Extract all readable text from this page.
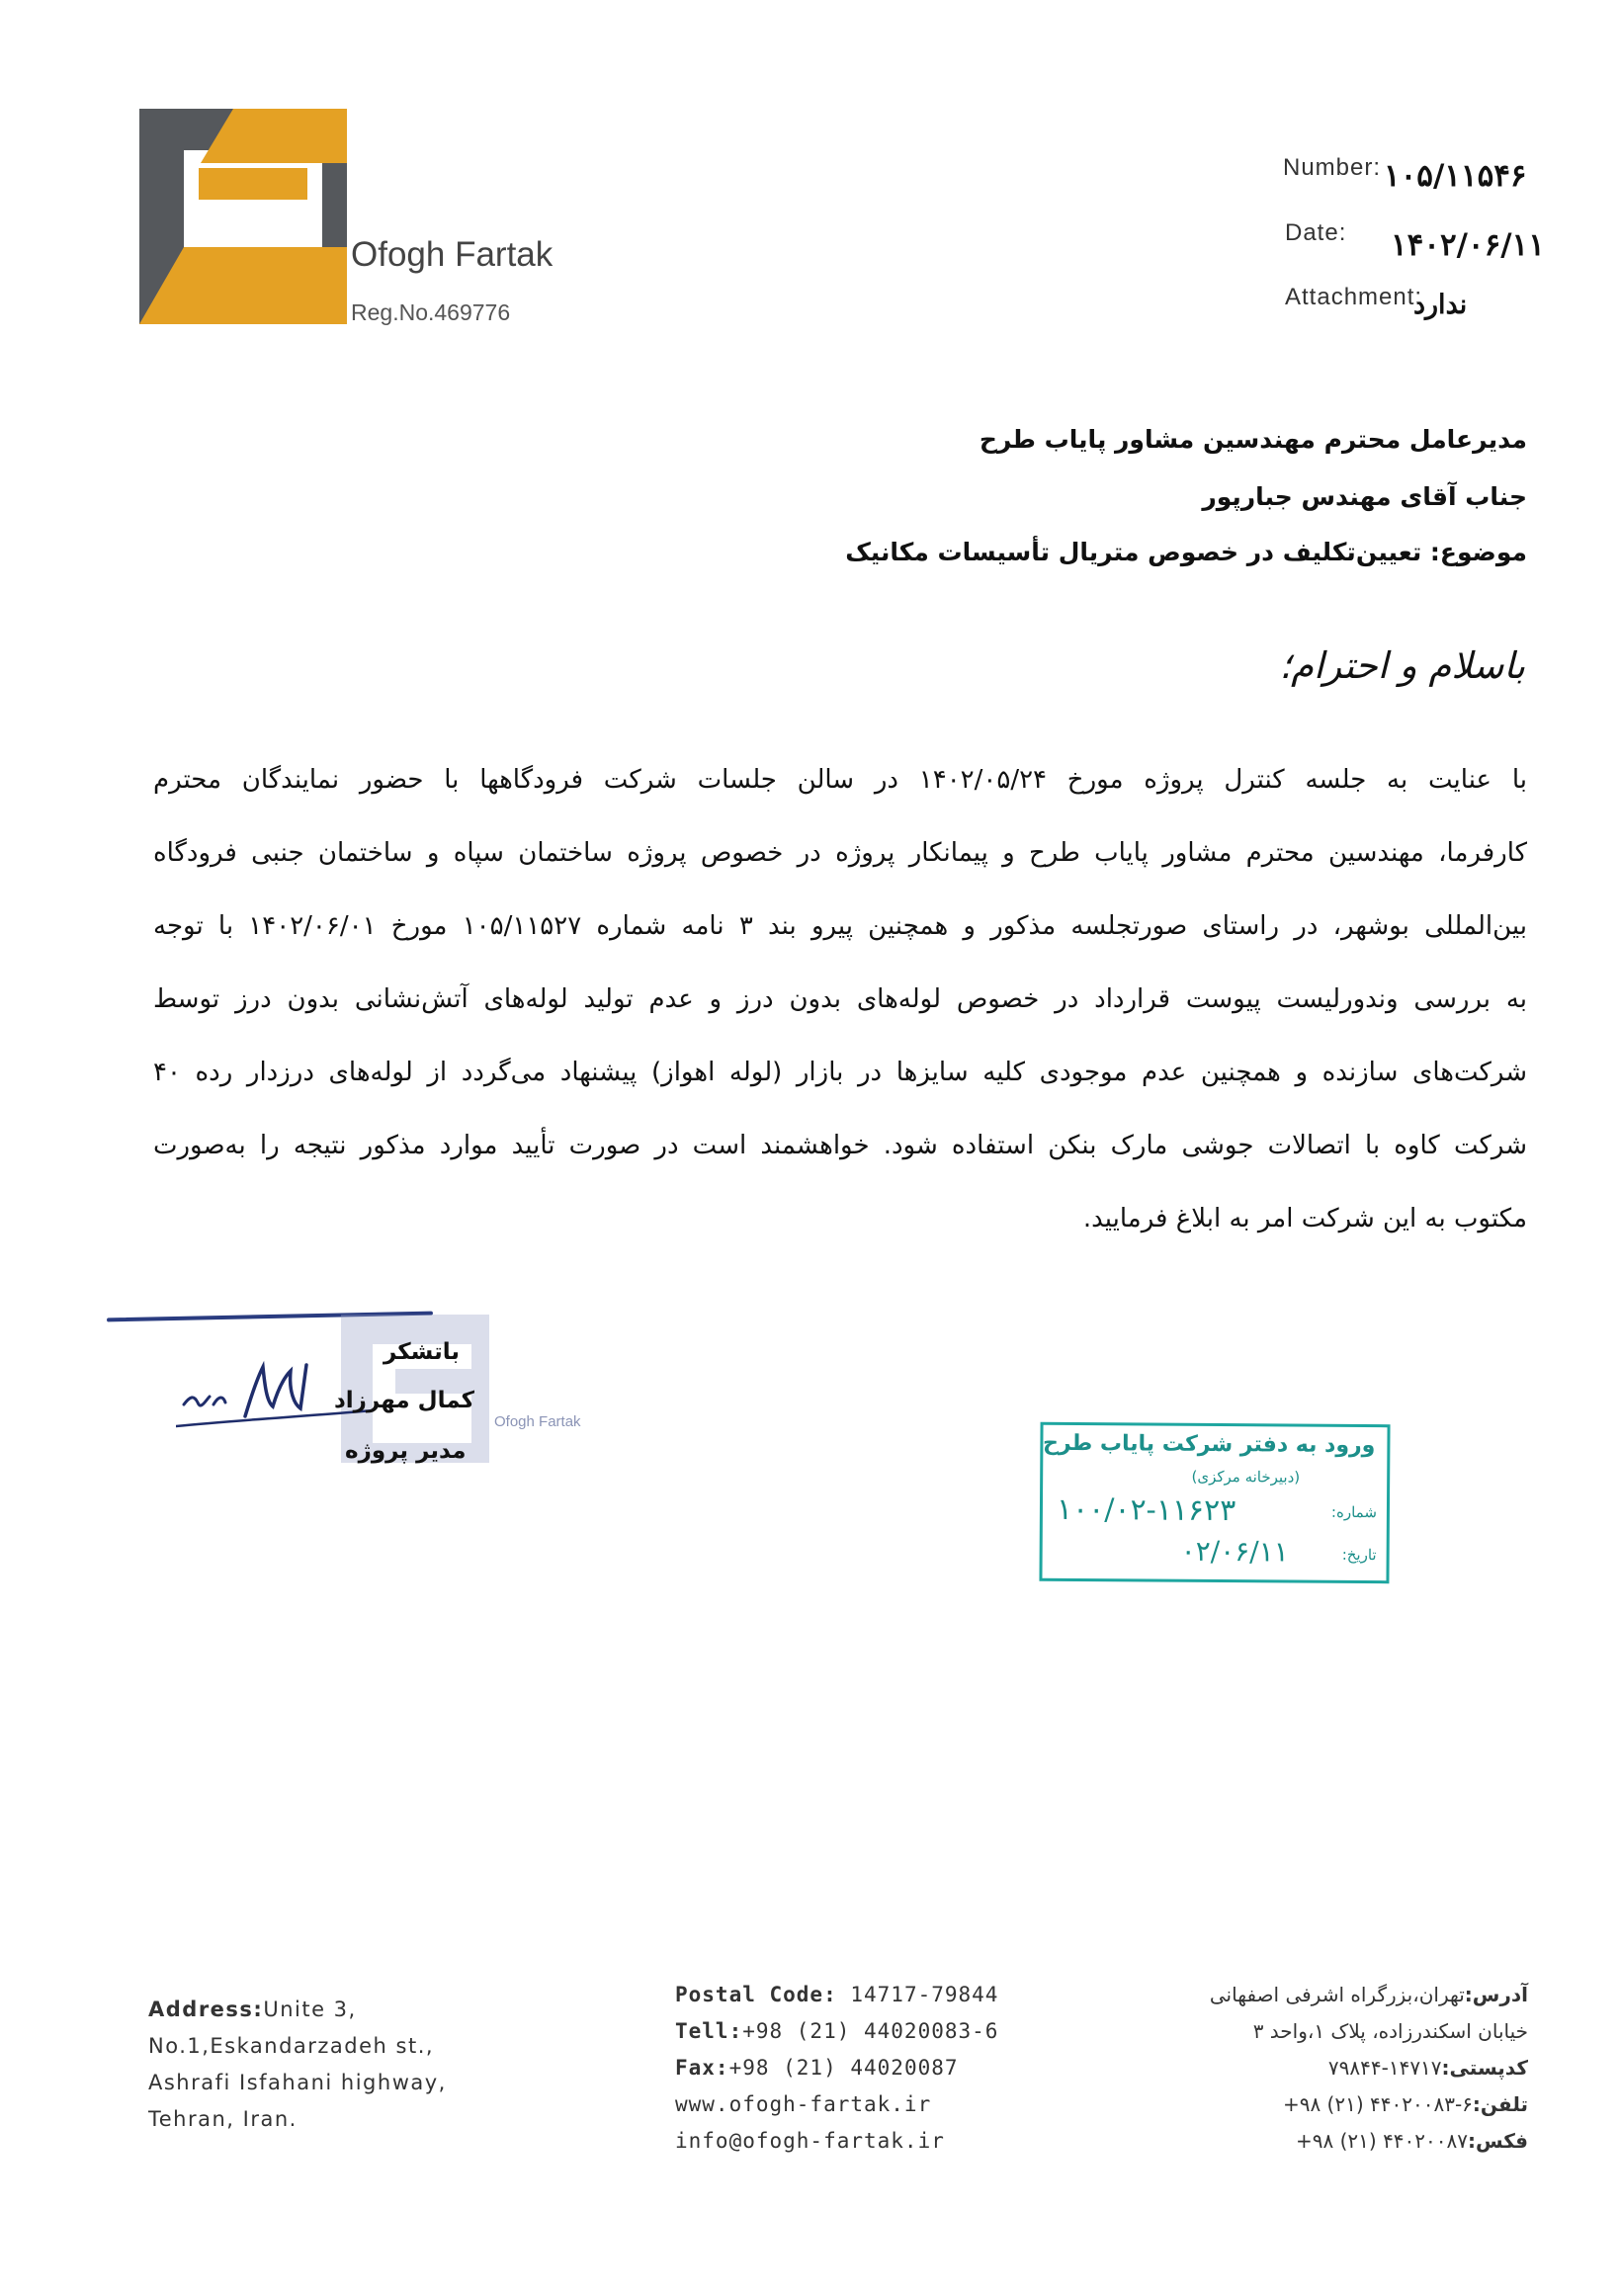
Ofogh Fartak
Reg.No.469776
Number: ۱۰۵/۱۱۵۴۶
Date: ۱۴۰۲/۰۶/۱۱
Attachment:
ندارد
مدیرعامل محترم مهندسین مشاور پایاب طرح
جناب آقای مهندس جبارپور
موضوع: تعیین‌تکلیف در خصوص متریال تأسیسات مکانیک
باسلام و احترام؛
با عنایت به جلسه کنترل پروژه مورخ ۱۴۰۲/۰۵/۲۴ در سالن جلسات شرکت فرودگاهها با حضور نمایندگان محترم
کارفرما، مهندسین محترم مشاور پایاب طرح و پیمانکار پروژه در خصوص پروژه ساختمان سپاه و ساختمان جنبی فرودگاه
بین‌المللی بوشهر، در راستای صورتجلسه مذکور و همچنین پیرو بند ۳ نامه شماره ۱۰۵/۱۱۵۲۷ مورخ ۱۴۰۲/۰۶/۰۱ با توجه
به بررسی وندورلیست پیوست قرارداد در خصوص لوله‌های بدون درز و عدم تولید لوله‌های آتش‌نشانی بدون درز توسط
شرکت‌های سازنده و همچنین عدم موجودی کلیه سایزها در بازار (لوله اهواز) پیشنهاد می‌گردد از لوله‌های درزدار رده ۴۰
شرکت کاوه با اتصالات جوشی مارک بنکن استفاده شود. خواهشمند است در صورت تأیید موارد مذکور نتیجه را به‌صورت
مکتوب به این شرکت امر به ابلاغ فرمایید.
Ofogh Fartak
باتشکر
کمال مهرزاد
مدیر پروژه	ورود به دفتر شرکت پایاب طرح
(دبیرخانه مرکزی)
شماره:
۱۰۰/۰۲-۱۱۶۲۳
تاریخ:
۰۲/۰۶/۱۱
Address:Unite 3,
No.1,Eskandarzadeh st.,
Ashrafi Isfahani highway,
Tehran, Iran.
Postal Code: 14717-79844
Tell:+98 (21) 44020083-6
Fax:+98 (21) 44020087
www.ofogh-fartak.ir
info@ofogh-fartak.ir
آدرس:تهران،بزرگراه اشرفی اصفهانی
خیابان اسکندرزاده، پلاک ۱،واحد ۳
کدپستی:۱۴۷۱۷-۷۹۸۴۴
تلفن:۶-۴۴۰۲۰۰۸۳ (۲۱) ۹۸+
فکس:۴۴۰۲۰۰۸۷ (۲۱) ۹۸+
